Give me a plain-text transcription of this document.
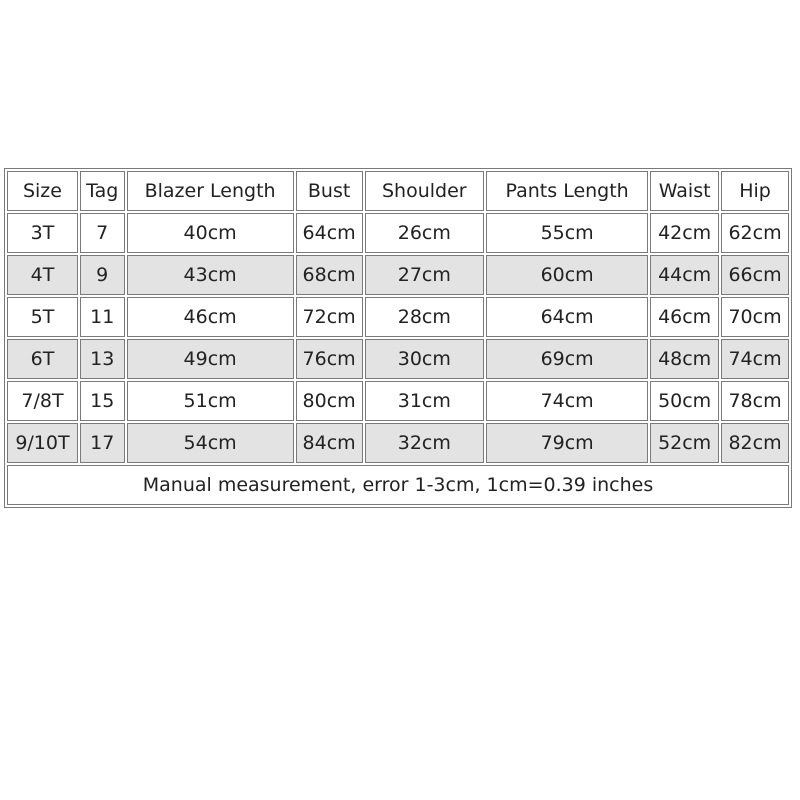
Size	Tag	Blazer Length	Bust	Shoulder	Pants Length	Waist	Hip
3T	7	40cm	64cm	26cm	55cm	42cm	62cm
4T	9	43cm	68cm	27cm	60cm	44cm	66cm
5T	11	46cm	72cm	28cm	64cm	46cm	70cm
6T	13	49cm	76cm	30cm	69cm	48cm	74cm
7/8T	15	51cm	80cm	31cm	74cm	50cm	78cm
9/10T	17	54cm	84cm	32cm	79cm	52cm	82cm
Manual measurement, error 1-3cm, 1cm=0.39 inches							
